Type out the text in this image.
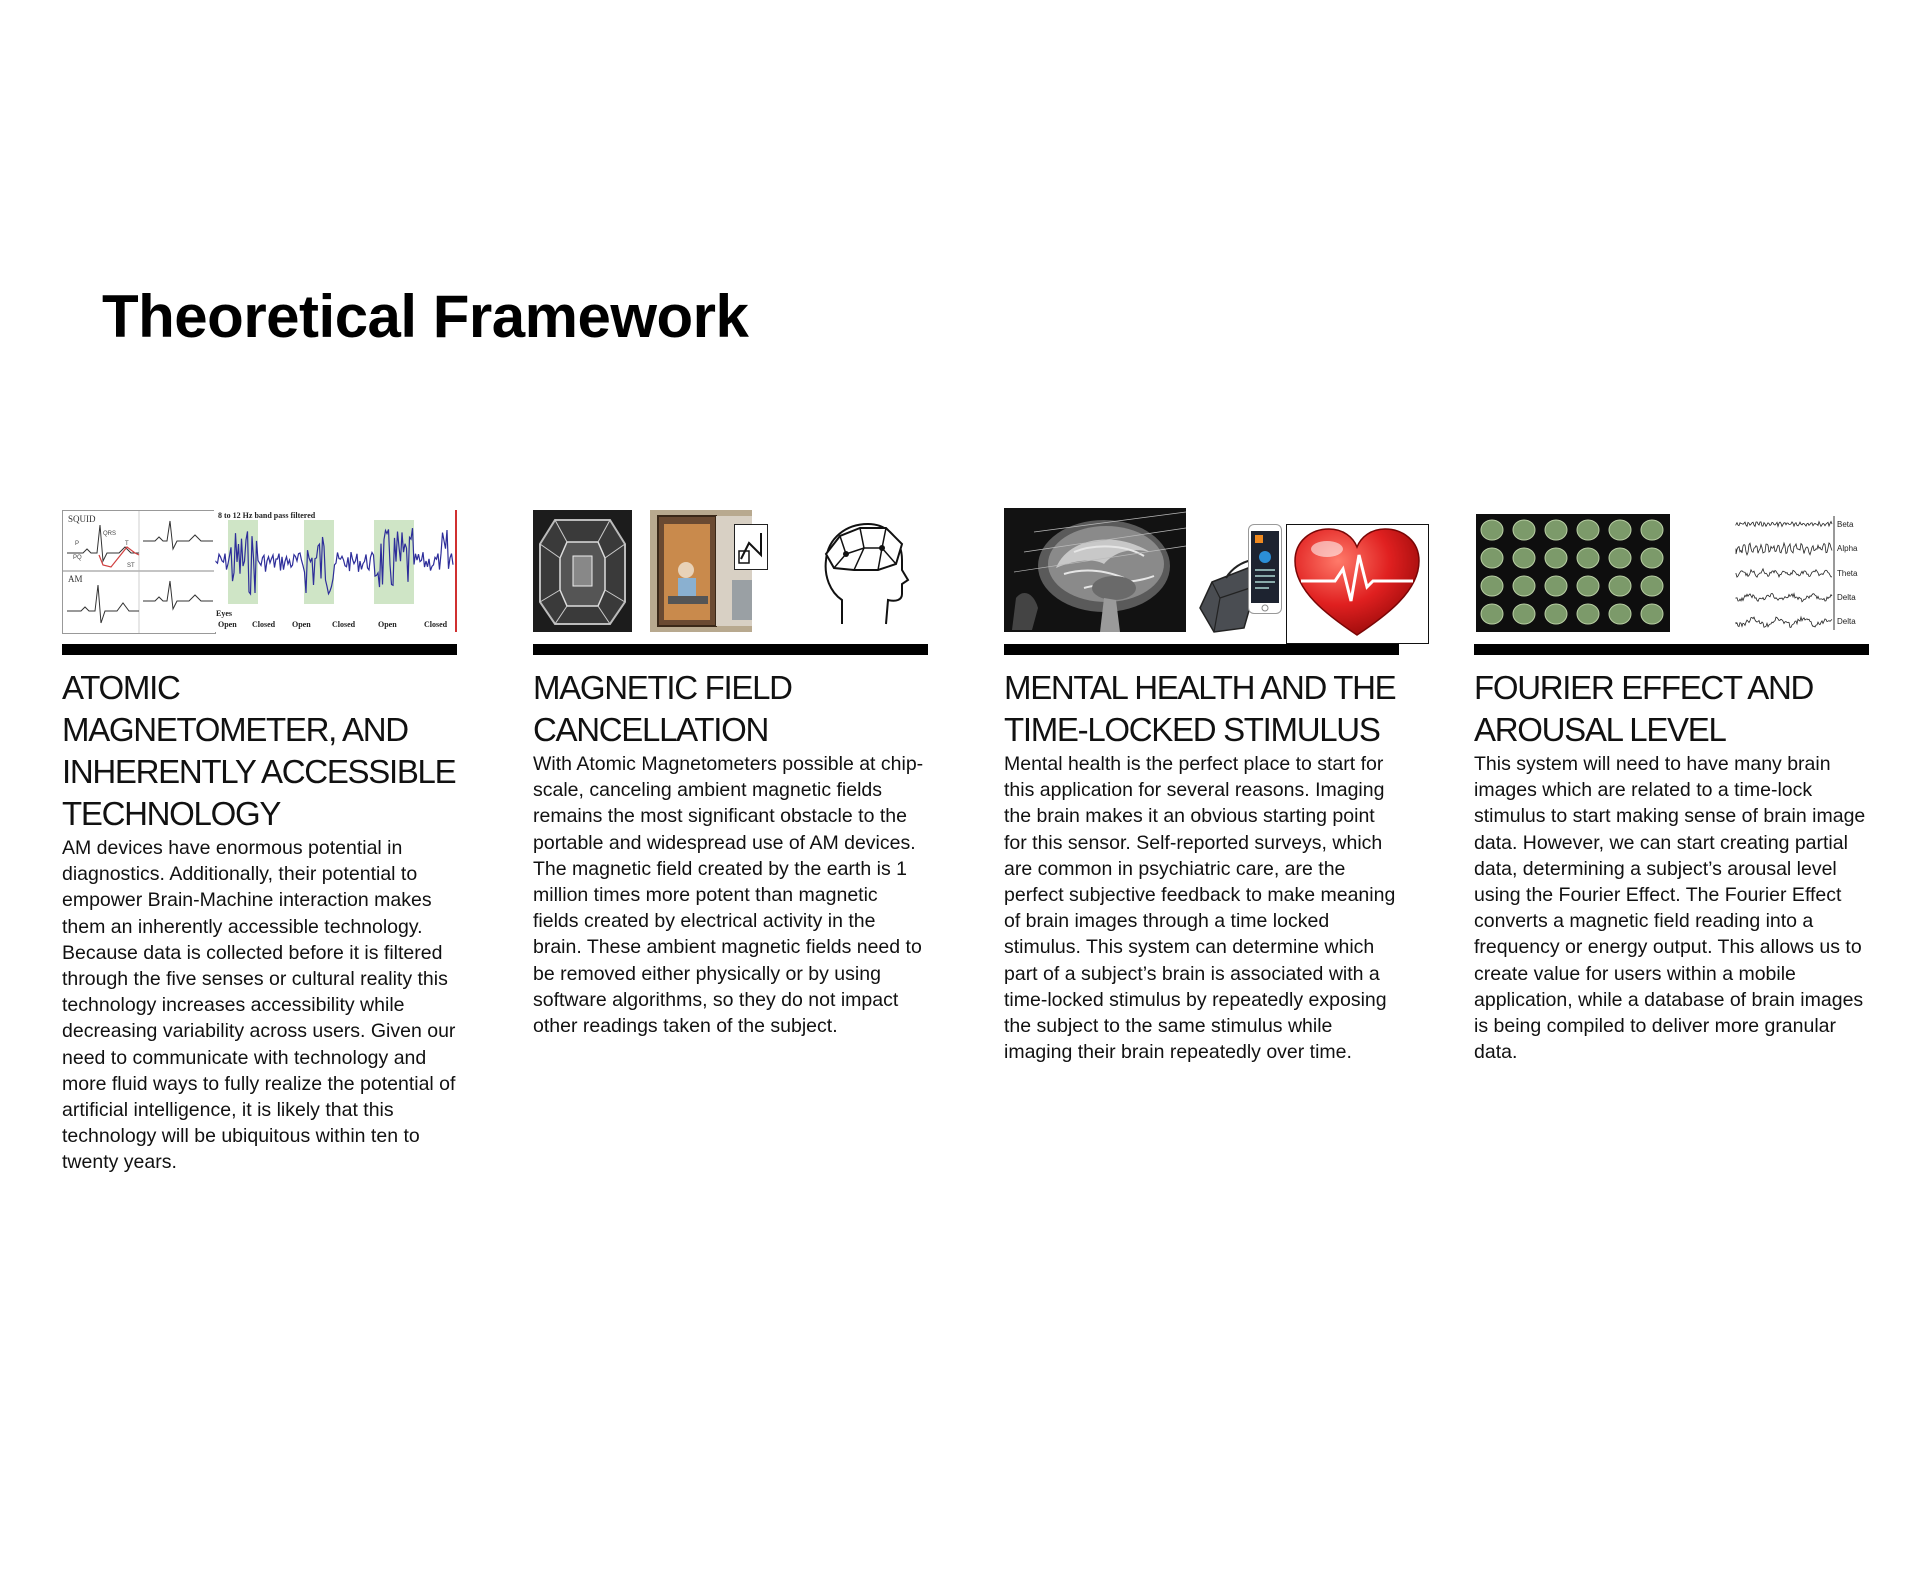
Theoretical Framework
SQUID
AM
QRS
P	T
PQ
ST
8 to 12 Hz band pass filtered
Eyes
Open Closed Open	Closed	Open	Closed
ATOMIC MAGNETOMETER, AND INHERENTLY ACCESSIBLE TECHNOLOGY

AM devices have enormous potential in diagnostics. Additionally, their potential to empower Brain-Machine interaction makes them an inherently accessible technology. Because data is collected before it is filtered through the five senses or cultural reality this technology increases accessibility while decreasing variability across users. Given our need to communicate with technology and more fluid ways to fully realize the potential of artificial intelligence, it is likely that this technology will be ubiquitous within ten to twenty years.

MAGNETIC FIELD CANCELLATION

With Atomic Magnetometers possible at chip-scale, canceling ambient magnetic fields remains the most significant obstacle to the portable and widespread use of AM devices. The magnetic field created by the earth is 1 million times more potent than magnetic fields created by electrical activity in the brain. These ambient magnetic fields need to be removed either physically or by using software algorithms, so they do not impact other readings taken of the subject.

MENTAL HEALTH AND THE TIME-LOCKED STIMULUS

Mental health is the perfect place to start for this application for several reasons. Imaging the brain makes it an obvious starting point for this sensor. Self-reported surveys, which are common in psychiatric care, are the perfect subjective feedback to make meaning of brain images through a time locked stimulus. This system can determine which part of a subject’s brain is associated with a time-locked stimulus by repeatedly exposing the subject to the same stimulus while imaging their brain repeatedly over time.

Beta
Alpha
Theta
Delta
Delta
FOURIER EFFECT AND AROUSAL LEVEL

This system will need to have many brain images which are related to a time-lock stimulus to start making sense of brain image data. However, we can start creating partial data, determining a subject’s arousal level using the Fourier Effect. The Fourier Effect converts a magnetic field reading into a frequency or energy output. This allows us to create value for users within a mobile application, while a database of brain images is being compiled to deliver more granular data.
